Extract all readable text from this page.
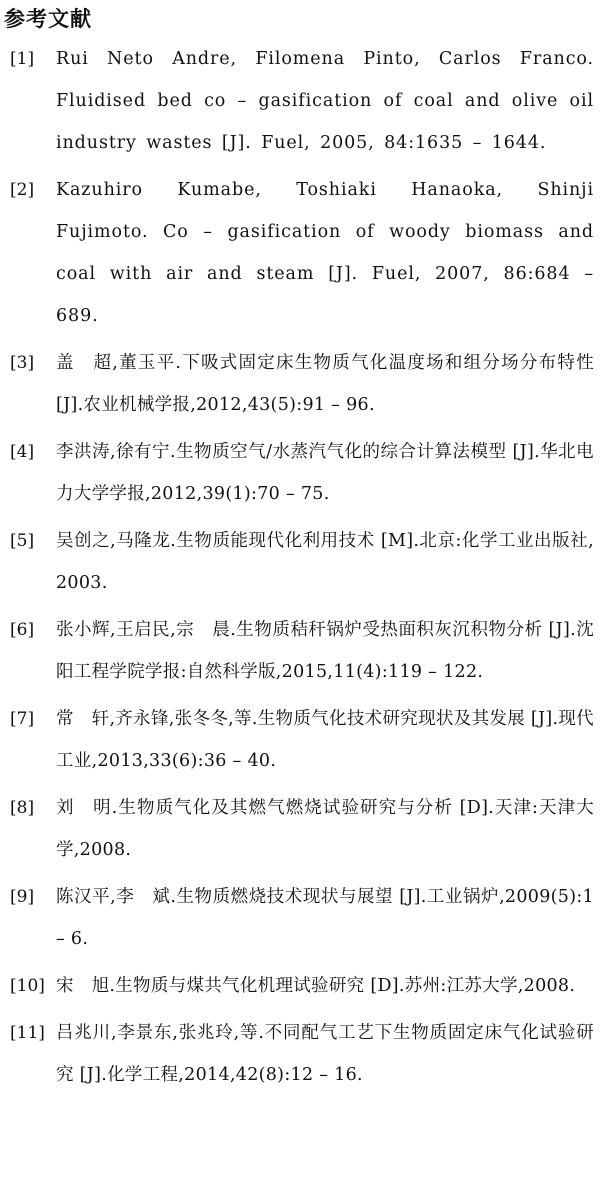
参考文献
[1]	Rui Neto Andre, Filomena Pinto, Carlos Franco. Fluidised bed co – gasification of coal and olive oil industry wastes [J]. Fuel, 2005, 84:1635 – 1644.
[2]	Kazuhiro Kumabe, Toshiaki Hanaoka, Shinji Fujimoto. Co – gasification of woody biomass and coal with air and steam [J]. Fuel, 2007, 86:684 – 689.
[3]	盖　超,董玉平.下吸式固定床生物质气化温度场和组分场分布特性 [J].农业机械学报,2012,43(5):91 – 96.
[4]	李洪涛,徐有宁.生物质空气/水蒸汽气化的综合计算法模型 [J].华北电力大学学报,2012,39(1):70 – 75.
[5]	吴创之,马隆龙.生物质能现代化利用技术 [M].北京:化学工业出版社,2003.
[6]	张小辉,王启民,宗　晨.生物质秸秆锅炉受热面积灰沉积物分析 [J].沈阳工程学院学报:自然科学版,2015,11(4):119 – 122.
[7]	常　轩,齐永锋,张冬冬,等.生物质气化技术研究现状及其发展 [J].现代工业,2013,33(6):36 – 40.
[8]	刘　明.生物质气化及其燃气燃烧试验研究与分析 [D].天津:天津大学,2008.
[9]	陈汉平,李　斌.生物质燃烧技术现状与展望 [J].工业锅炉,2009(5):1 – 6.
[10] 宋　旭.生物质与煤共气化机理试验研究 [D].苏州:江苏大学,2008.
[11] 吕兆川,李景东,张兆玲,等.不同配气工艺下生物质固定床气化试验研究 [J].化学工程,2014,42(8):12 – 16.
